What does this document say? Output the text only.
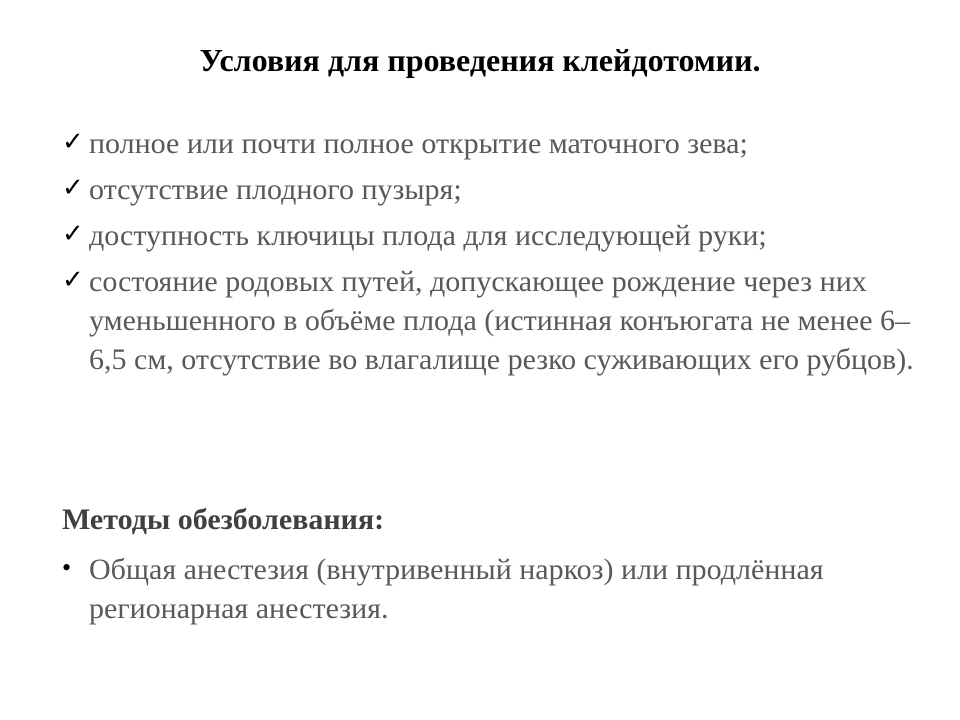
Условия для проведения клейдотомии.
✓ полное или почти полное открытие маточного зева;
✓ отсутствие плодного пузыря;
✓ доступность ключицы плода для исследующей руки;
✓ состояние родовых путей, допускающее рождение через них уменьшенного в объёме плода (истинная конъюгата не менее 6–6,5 см, отсутствие во влагалище резко суживающих его рубцов).
Методы обезболевания:
• Общая анестезия (внутривенный наркоз) или продлённая регионарная анестезия.
